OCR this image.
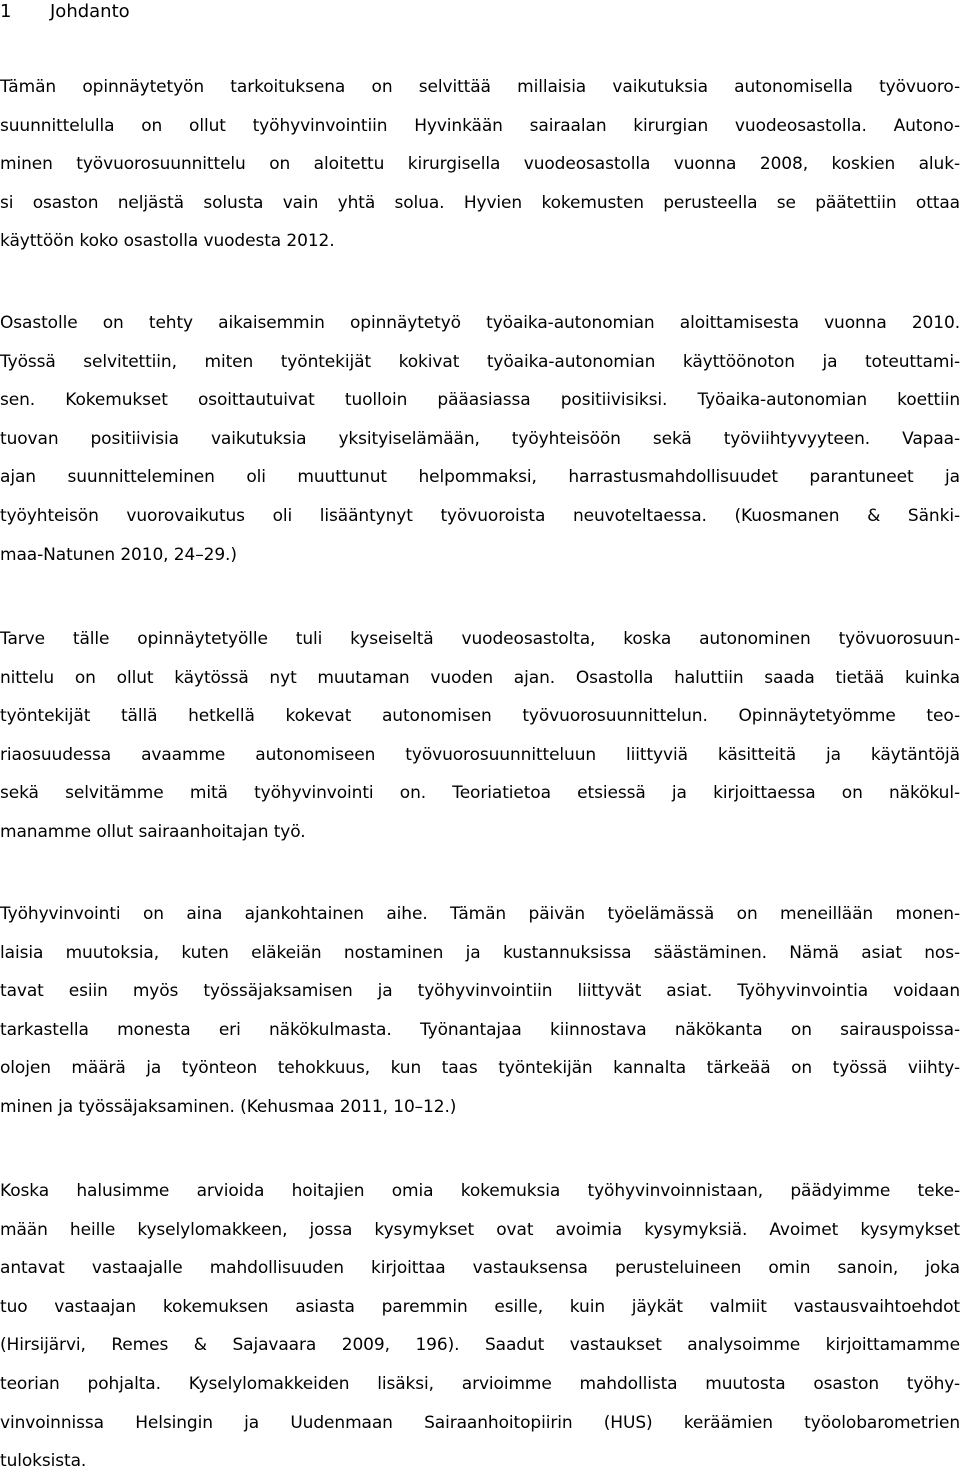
1 Johdanto
Tämän opinnäytetyön tarkoituksena on selvittää millaisia vaikutuksia autonomisella työvuoro-
suunnittelulla on ollut työhyvinvointiin Hyvinkään sairaalan kirurgian vuodeosastolla. Autono-
minen työvuorosuunnittelu on aloitettu kirurgisella vuodeosastolla vuonna 2008, koskien aluk-
si osaston neljästä solusta vain yhtä solua. Hyvien kokemusten perusteella se päätettiin ottaa
käyttöön koko osastolla vuodesta 2012.
Osastolle on tehty aikaisemmin opinnäytetyö työaika-autonomian aloittamisesta vuonna 2010.
Työssä selvitettiin, miten työntekijät kokivat työaika-autonomian käyttöönoton ja toteuttami-
sen. Kokemukset osoittautuivat tuolloin pääasiassa positiivisiksi. Työaika-autonomian koettiin
tuovan positiivisia vaikutuksia yksityiselämään, työyhteisöön sekä työviihtyvyyteen. Vapaa-
ajan suunnitteleminen oli muuttunut helpommaksi, harrastusmahdollisuudet parantuneet ja
työyhteisön vuorovaikutus oli lisääntynyt työvuoroista neuvoteltaessa. (Kuosmanen & Sänki-
maa-Natunen 2010, 24–29.)
Tarve tälle opinnäytetyölle tuli kyseiseltä vuodeosastolta, koska autonominen työvuorosuun-
nittelu on ollut käytössä nyt muutaman vuoden ajan. Osastolla haluttiin saada tietää kuinka
työntekijät tällä hetkellä kokevat autonomisen työvuorosuunnittelun. Opinnäytetyömme teo-
riaosuudessa avaamme autonomiseen työvuorosuunnitteluun liittyviä käsitteitä ja käytäntöjä
sekä selvitämme mitä työhyvinvointi on. Teoriatietoa etsiessä ja kirjoittaessa on näkökul-
manamme ollut sairaanhoitajan työ.
Työhyvinvointi on aina ajankohtainen aihe. Tämän päivän työelämässä on meneillään monen-
laisia muutoksia, kuten eläkeiän nostaminen ja kustannuksissa säästäminen. Nämä asiat nos-
tavat esiin myös työssäjaksamisen ja työhyvinvointiin liittyvät asiat. Työhyvinvointia voidaan
tarkastella monesta eri näkökulmasta. Työnantajaa kiinnostava näkökanta on sairauspoissa-
olojen määrä ja työnteon tehokkuus, kun taas työntekijän kannalta tärkeää on työssä viihty-
minen ja työssäjaksaminen. (Kehusmaa 2011, 10–12.)
Koska halusimme arvioida hoitajien omia kokemuksia työhyvinvoinnistaan, päädyimme teke-
mään heille kyselylomakkeen, jossa kysymykset ovat avoimia kysymyksiä. Avoimet kysymykset
antavat vastaajalle mahdollisuuden kirjoittaa vastauksensa perusteluineen omin sanoin, joka
tuo vastaajan kokemuksen asiasta paremmin esille, kuin jäykät valmiit vastausvaihtoehdot
(Hirsijärvi, Remes & Sajavaara 2009, 196). Saadut vastaukset analysoimme kirjoittamamme
teorian pohjalta. Kyselylomakkeiden lisäksi, arvioimme mahdollista muutosta osaston työhy-
vinvoinnissa Helsingin ja Uudenmaan Sairaanhoitopiirin (HUS) keräämien työolobarometrien
tuloksista.
